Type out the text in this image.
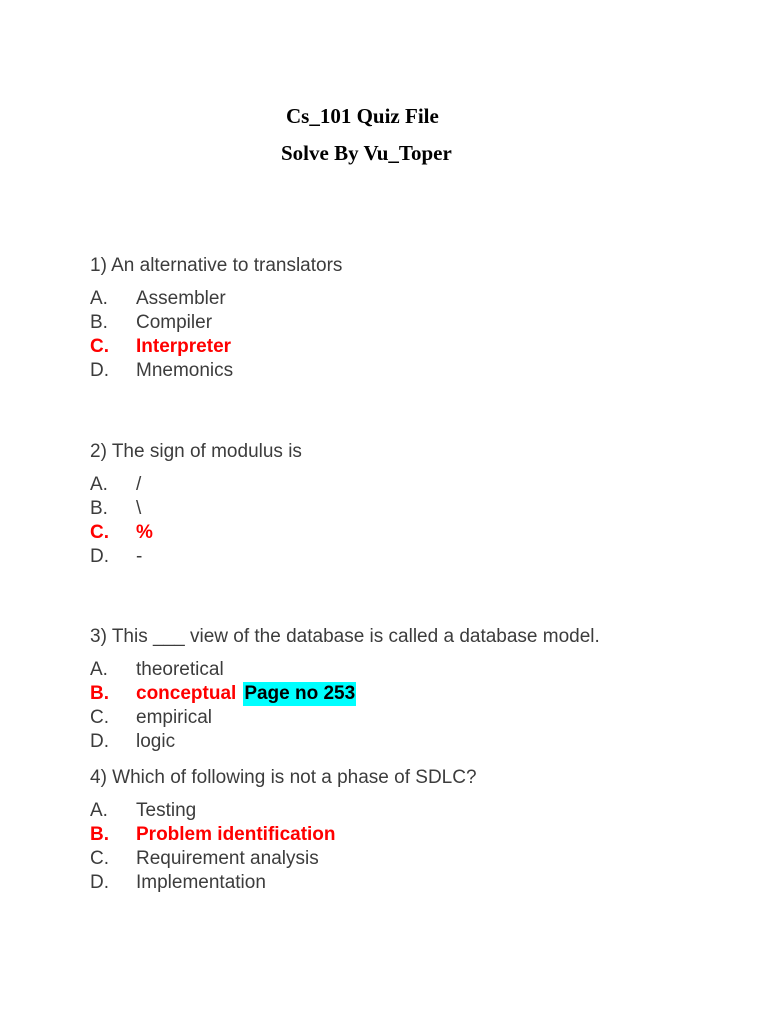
Cs_101 Quiz File
Solve By Vu_Toper
1) An alternative to translators
A.	Assembler
B.	Compiler
C.	Interpreter
D.	Mnemonics
2) The sign of modulus is
A.	/
B.	\
C.	%
D.	-
3) This ___ view of the database is called a database model.
A.	theoretical
B.	conceptual Page no 253
C.	empirical
D.	logic
4) Which of following is not a phase of SDLC?
A.	Testing
B.	Problem identification
C.	Requirement analysis
D.	Implementation
